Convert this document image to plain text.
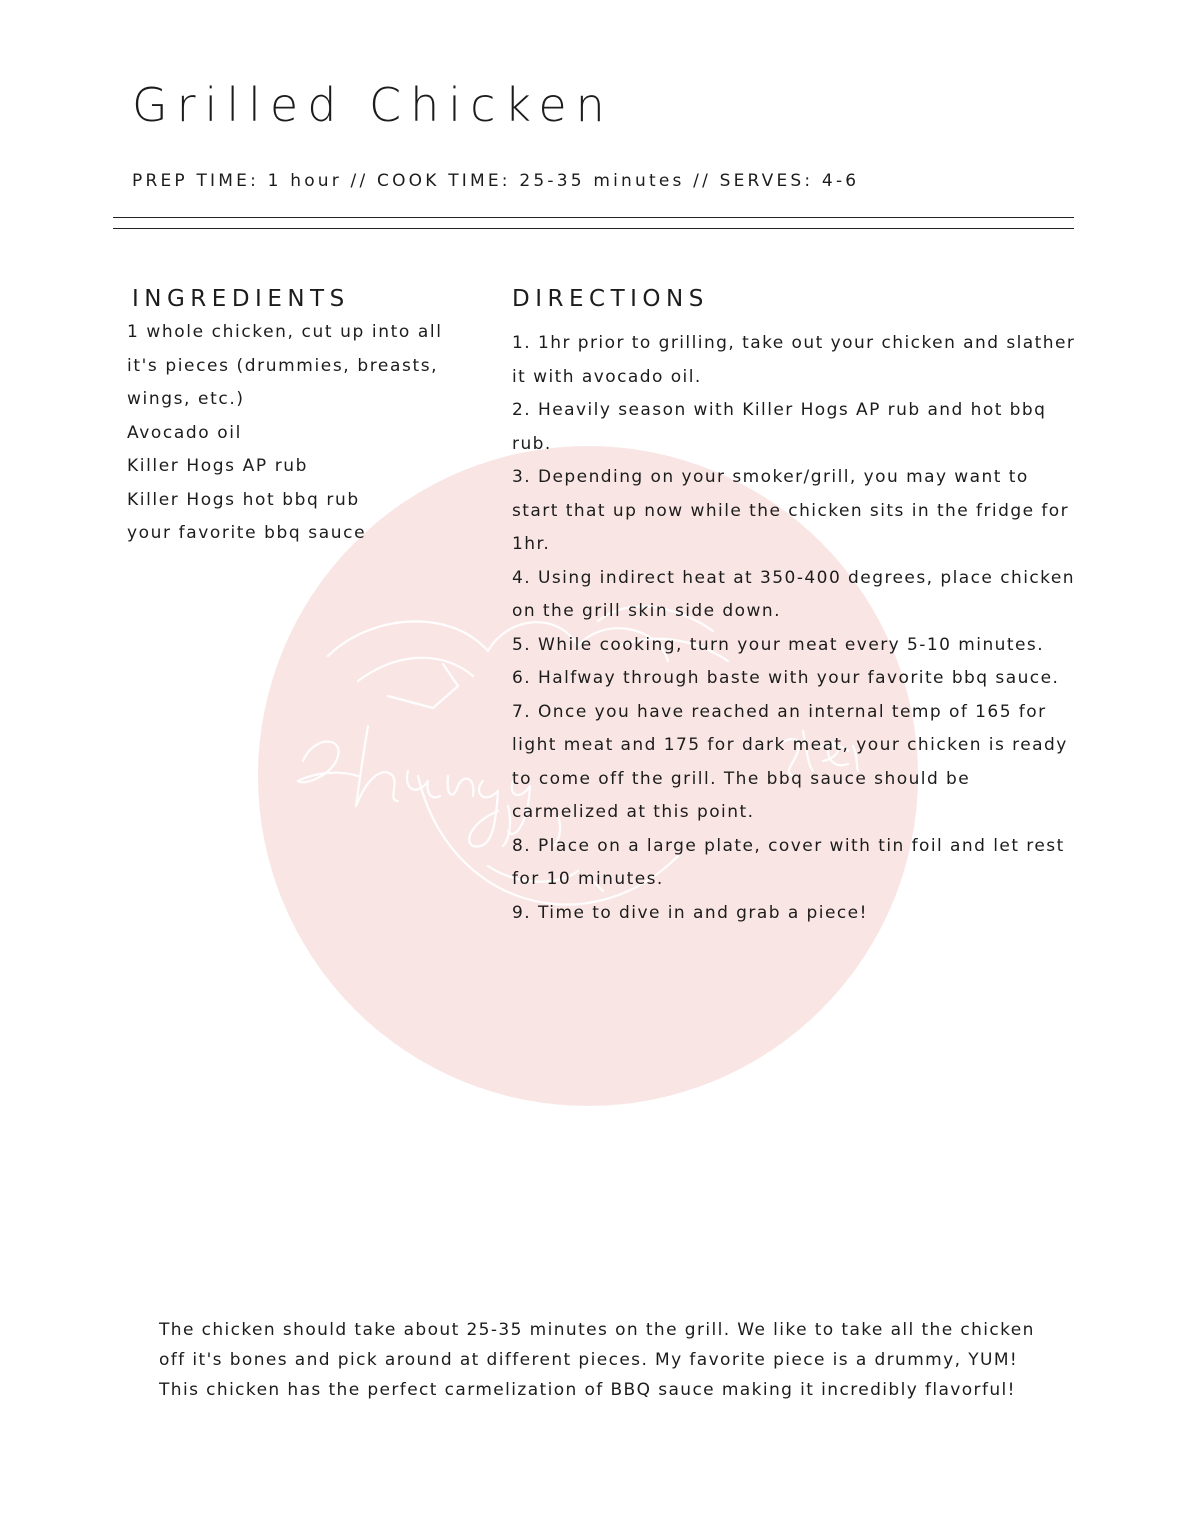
Grilled Chicken
PREP TIME: 1 hour // COOK TIME: 25-35 minutes // SERVES: 4-6
INGREDIENTS
1 whole chicken, cut up into all it's pieces (drummies, breasts, wings, etc.)
Avocado oil
Killer Hogs AP rub
Killer Hogs hot bbq rub
your favorite bbq sauce
DIRECTIONS
1. 1hr prior to grilling, take out your chicken and slather it with avocado oil.
2. Heavily season with Killer Hogs AP rub and hot bbq rub.
3. Depending on your smoker/grill, you may want to start that up now while the chicken sits in the fridge for 1hr.
4. Using indirect heat at 350-400 degrees, place chicken on the grill skin side down.
5. While cooking, turn your meat every 5-10 minutes.
6. Halfway through baste with your favorite bbq sauce.
7. Once you have reached an internal temp of 165 for light meat and 175 for dark meat, your chicken is ready to come off the grill. The bbq sauce should be carmelized at this point.
8. Place on a large plate, cover with tin foil and let rest for 10 minutes.
9. Time to dive in and grab a piece!

The chicken should take about 25-35 minutes on the grill. We like to take all the chicken off it's bones and pick around at different pieces. My favorite piece is a drummy, YUM! This chicken has the perfect carmelization of BBQ sauce making it incredibly flavorful!
